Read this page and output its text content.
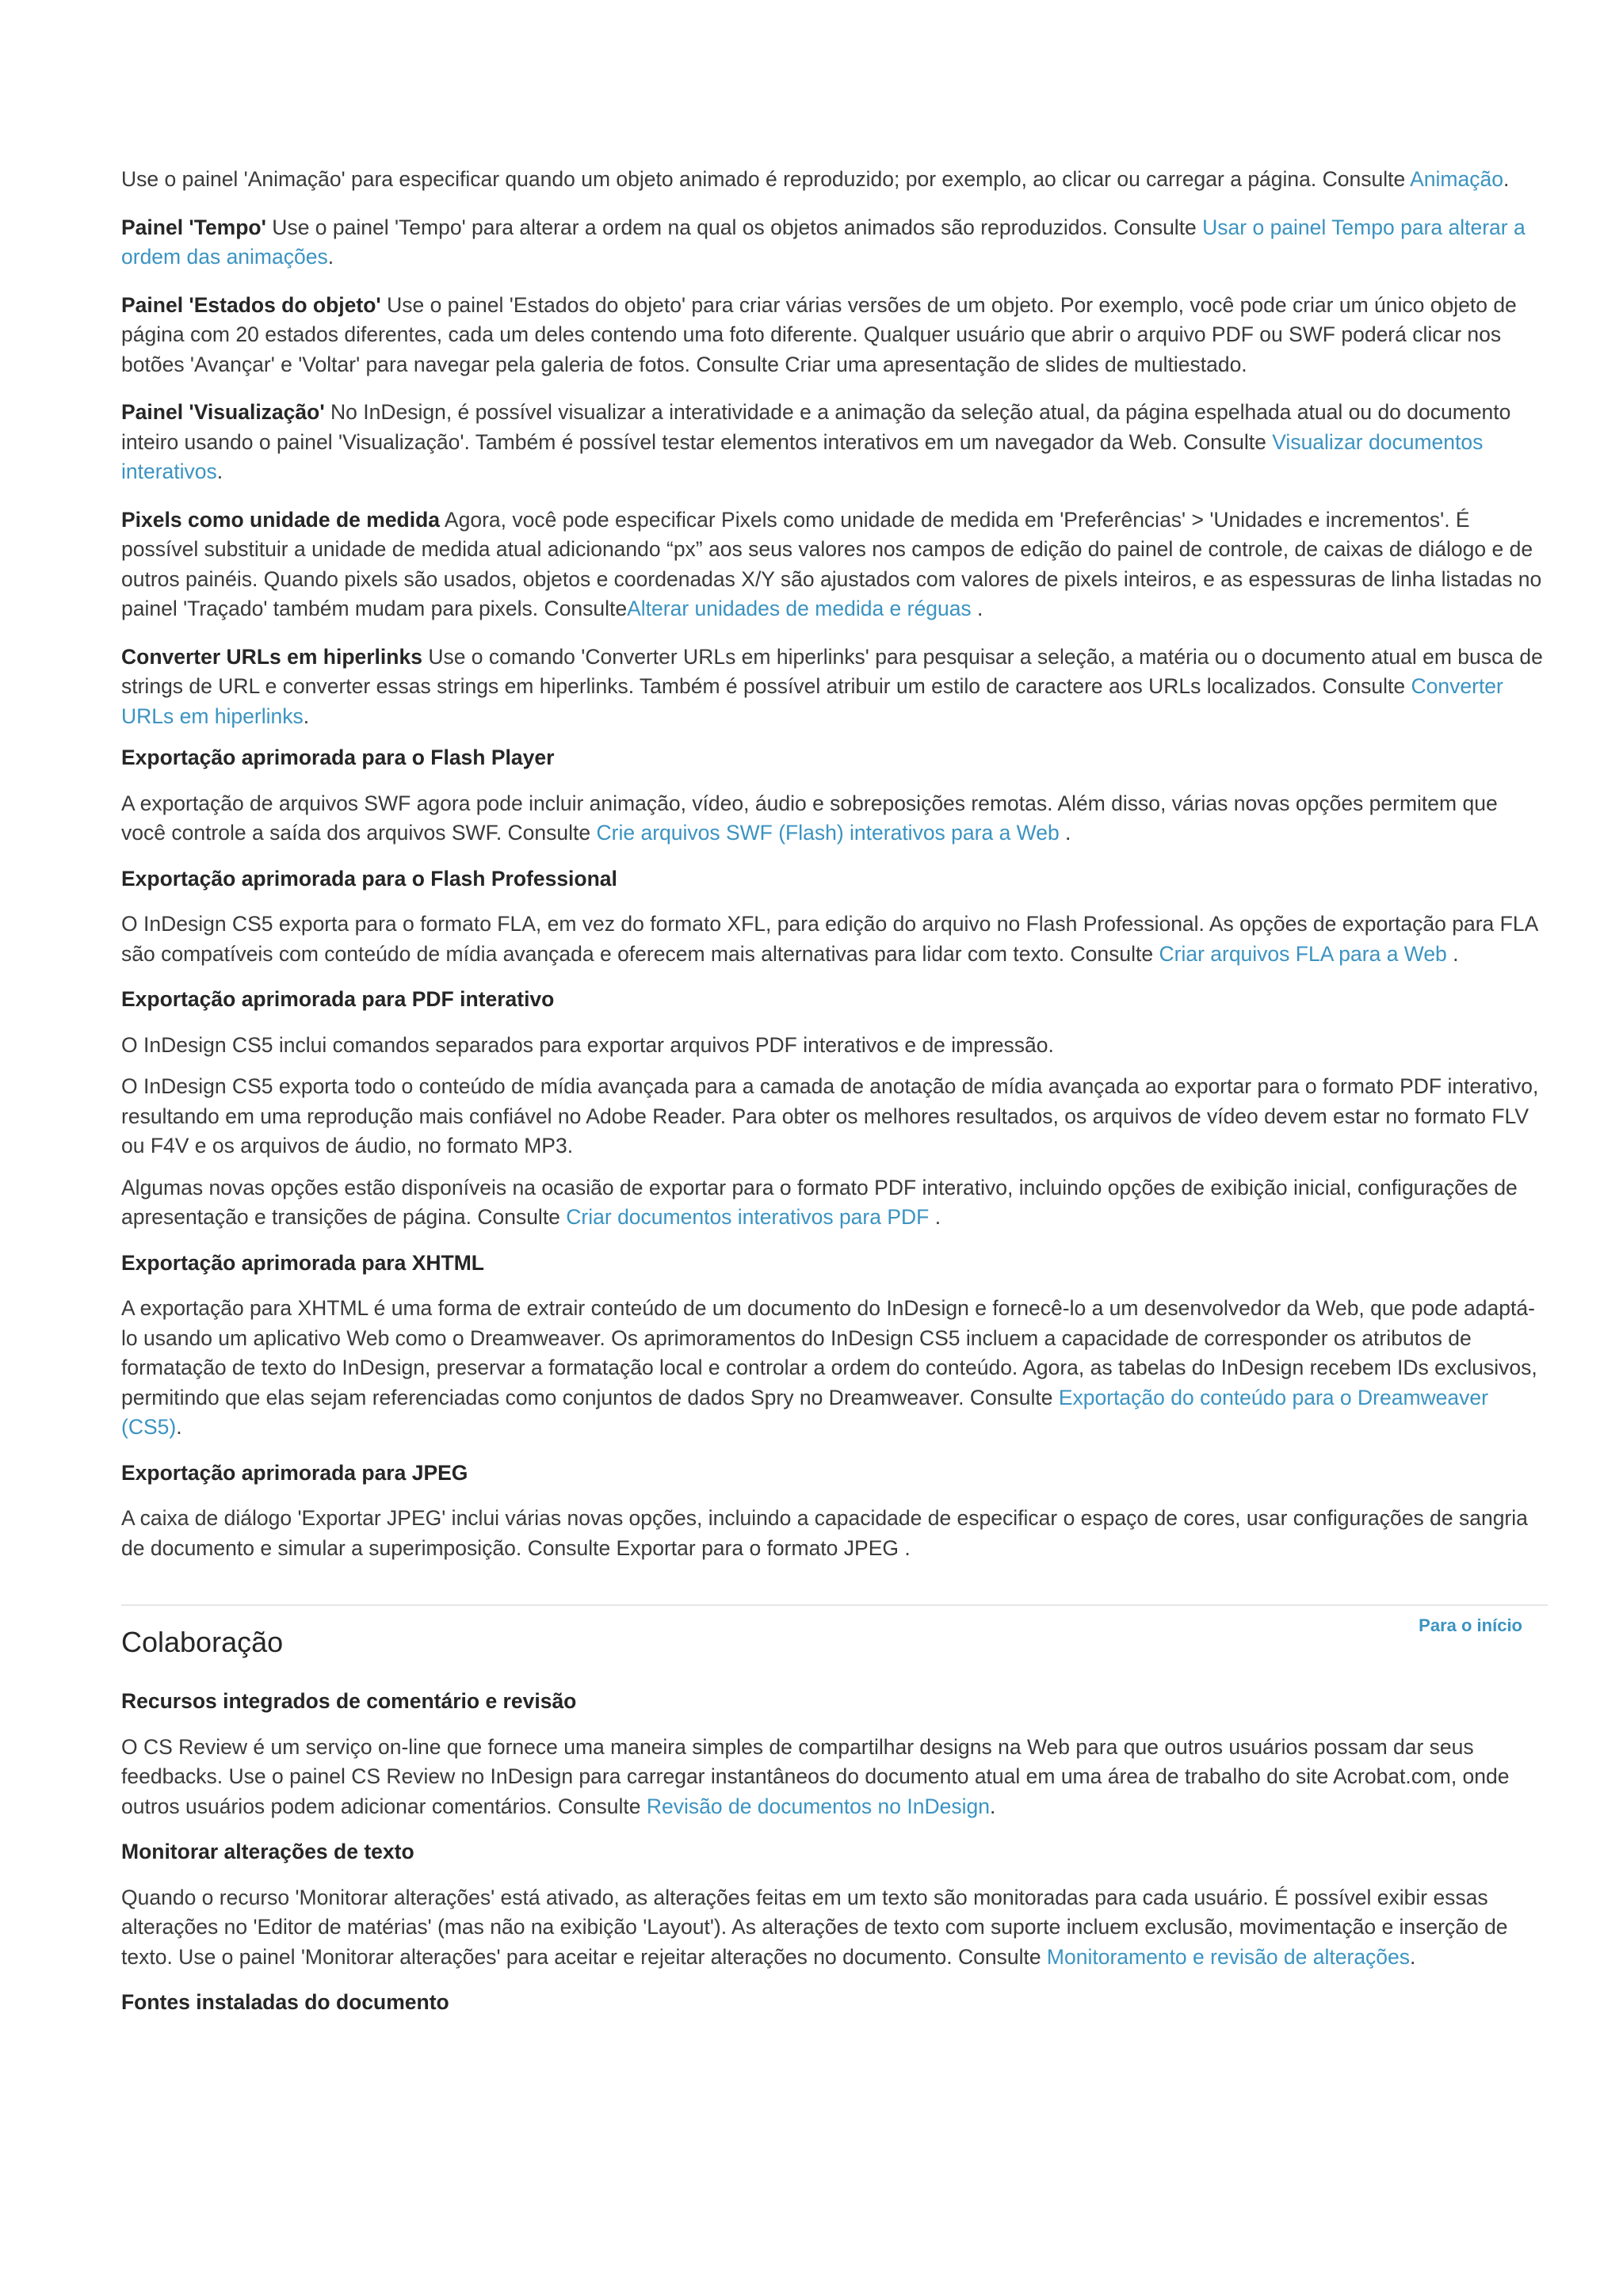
Use o painel 'Animação' para especificar quando um objeto animado é reproduzido; por exemplo, ao clicar ou carregar a página. Consulte Animação.

Painel 'Tempo' Use o painel 'Tempo' para alterar a ordem na qual os objetos animados são reproduzidos. Consulte Usar o painel Tempo para alterar a ordem das animações.

Painel 'Estados do objeto' Use o painel 'Estados do objeto' para criar várias versões de um objeto. Por exemplo, você pode criar um único objeto de página com 20 estados diferentes, cada um deles contendo uma foto diferente. Qualquer usuário que abrir o arquivo PDF ou SWF poderá clicar nos botões 'Avançar' e 'Voltar' para navegar pela galeria de fotos. Consulte Criar uma apresentação de slides de multiestado.

Painel 'Visualização' No InDesign, é possível visualizar a interatividade e a animação da seleção atual, da página espelhada atual ou do documento inteiro usando o painel 'Visualização'. Também é possível testar elementos interativos em um navegador da Web. Consulte Visualizar documentos interativos.

Pixels como unidade de medida Agora, você pode especificar Pixels como unidade de medida em 'Preferências' > 'Unidades e incrementos'. É possível substituir a unidade de medida atual adicionando “px” aos seus valores nos campos de edição do painel de controle, de caixas de diálogo e de outros painéis. Quando pixels são usados, objetos e coordenadas X/Y são ajustados com valores de pixels inteiros, e as espessuras de linha listadas no painel 'Traçado' também mudam para pixels. ConsulteAlterar unidades de medida e réguas .

Converter URLs em hiperlinks Use o comando 'Converter URLs em hiperlinks' para pesquisar a seleção, a matéria ou o documento atual em busca de strings de URL e converter essas strings em hiperlinks. Também é possível atribuir um estilo de caractere aos URLs localizados. Consulte Converter URLs em hiperlinks.

Exportação aprimorada para o Flash Player

A exportação de arquivos SWF agora pode incluir animação, vídeo, áudio e sobreposições remotas. Além disso, várias novas opções permitem que você controle a saída dos arquivos SWF. Consulte Crie arquivos SWF (Flash) interativos para a Web .

Exportação aprimorada para o Flash Professional

O InDesign CS5 exporta para o formato FLA, em vez do formato XFL, para edição do arquivo no Flash Professional. As opções de exportação para FLA são compatíveis com conteúdo de mídia avançada e oferecem mais alternativas para lidar com texto. Consulte Criar arquivos FLA para a Web .

Exportação aprimorada para PDF interativo

O InDesign CS5 inclui comandos separados para exportar arquivos PDF interativos e de impressão.

O InDesign CS5 exporta todo o conteúdo de mídia avançada para a camada de anotação de mídia avançada ao exportar para o formato PDF interativo, resultando em uma reprodução mais confiável no Adobe Reader. Para obter os melhores resultados, os arquivos de vídeo devem estar no formato FLV ou F4V e os arquivos de áudio, no formato MP3.

Algumas novas opções estão disponíveis na ocasião de exportar para o formato PDF interativo, incluindo opções de exibição inicial, configurações de apresentação e transições de página. Consulte Criar documentos interativos para PDF .

Exportação aprimorada para XHTML

A exportação para XHTML é uma forma de extrair conteúdo de um documento do InDesign e fornecê-lo a um desenvolvedor da Web, que pode adaptá-lo usando um aplicativo Web como o Dreamweaver. Os aprimoramentos do InDesign CS5 incluem a capacidade de corresponder os atributos de formatação de texto do InDesign, preservar a formatação local e controlar a ordem do conteúdo. Agora, as tabelas do InDesign recebem IDs exclusivos, permitindo que elas sejam referenciadas como conjuntos de dados Spry no Dreamweaver. Consulte Exportação do conteúdo para o Dreamweaver (CS5).

Exportação aprimorada para JPEG

A caixa de diálogo 'Exportar JPEG' inclui várias novas opções, incluindo a capacidade de especificar o espaço de cores, usar configurações de sangria de documento e simular a superimposição. Consulte Exportar para o formato JPEG .

Colaboração
Para o início
Recursos integrados de comentário e revisão

O CS Review é um serviço on-line que fornece uma maneira simples de compartilhar designs na Web para que outros usuários possam dar seus feedbacks. Use o painel CS Review no InDesign para carregar instantâneos do documento atual em uma área de trabalho do site Acrobat.com, onde outros usuários podem adicionar comentários. Consulte Revisão de documentos no InDesign.

Monitorar alterações de texto

Quando o recurso 'Monitorar alterações' está ativado, as alterações feitas em um texto são monitoradas para cada usuário. É possível exibir essas alterações no 'Editor de matérias' (mas não na exibição 'Layout'). As alterações de texto com suporte incluem exclusão, movimentação e inserção de texto. Use o painel 'Monitorar alterações' para aceitar e rejeitar alterações no documento. Consulte Monitoramento e revisão de alterações.

Fontes instaladas do documento
